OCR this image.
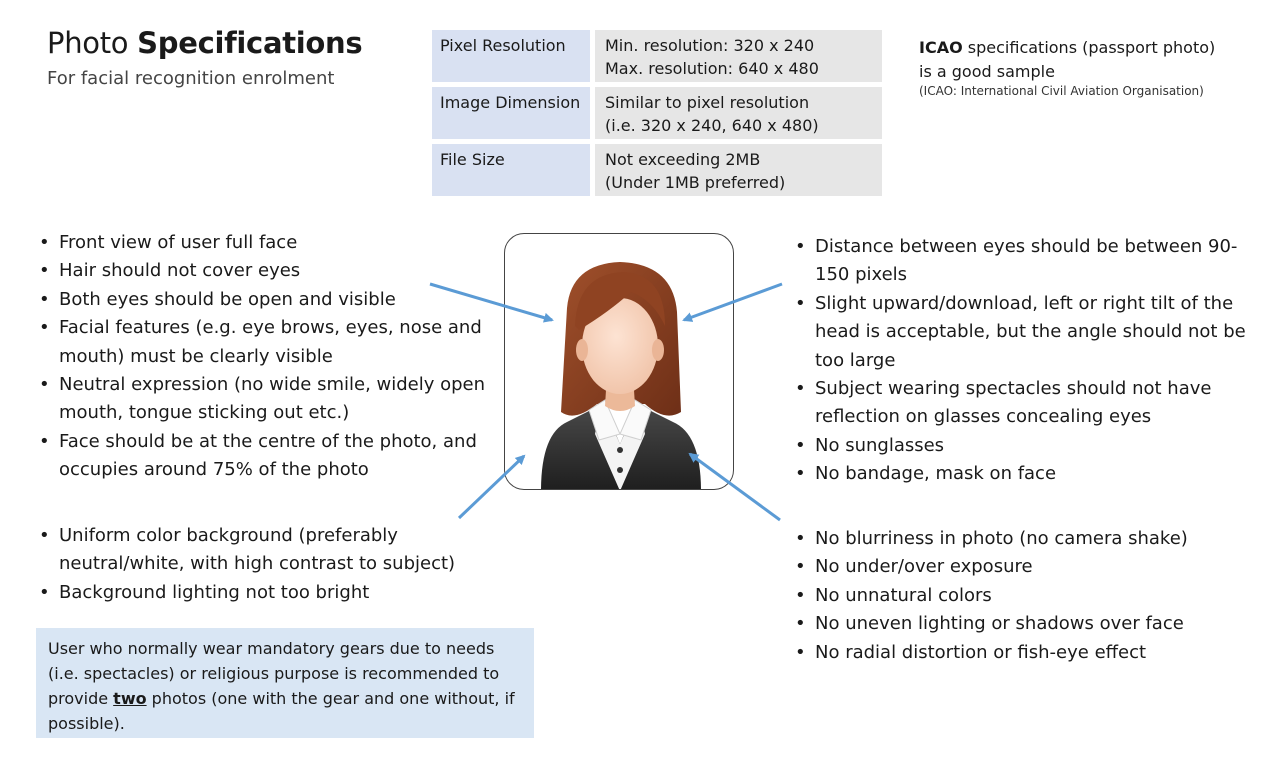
Photo Specifications
For facial recognition enrolment
Pixel Resolution	Min. resolution: 320 x 240
Max. resolution: 640 x 480
Image Dimension	Similar to pixel resolution
(i.e. 320 x 240, 640 x 480)
File Size	Not exceeding 2MB
(Under 1MB preferred)
ICAO specifications (passport photo)
is a good sample
(ICAO: International Civil Aviation Organisation)
• Front view of user full face
• Hair should not cover eyes
• Both eyes should be open and visible
• Facial features (e.g. eye brows, eyes, nose and mouth) must be clearly visible
• Neutral expression (no wide smile, widely open mouth, tongue sticking out etc.)
• Face should be at the centre of the photo, and occupies around 75% of the photo
• Uniform color background (preferably neutral/white, with high contrast to subject)
• Background lighting not too bright
• Distance between eyes should be between 90-150 pixels
• Slight upward/download, left or right tilt of the head is acceptable, but the angle should not be too large
• Subject wearing spectacles should not have reflection on glasses concealing eyes
• No sunglasses
• No bandage, mask on face
• No blurriness in photo (no camera shake)
• No under/over exposure
• No unnatural colors
• No uneven lighting or shadows over face
• No radial distortion or fish-eye effect
User who normally wear mandatory gears due to needs (i.e. spectacles) or religious purpose is recommended to provide two photos (one with the gear and one without, if possible).
